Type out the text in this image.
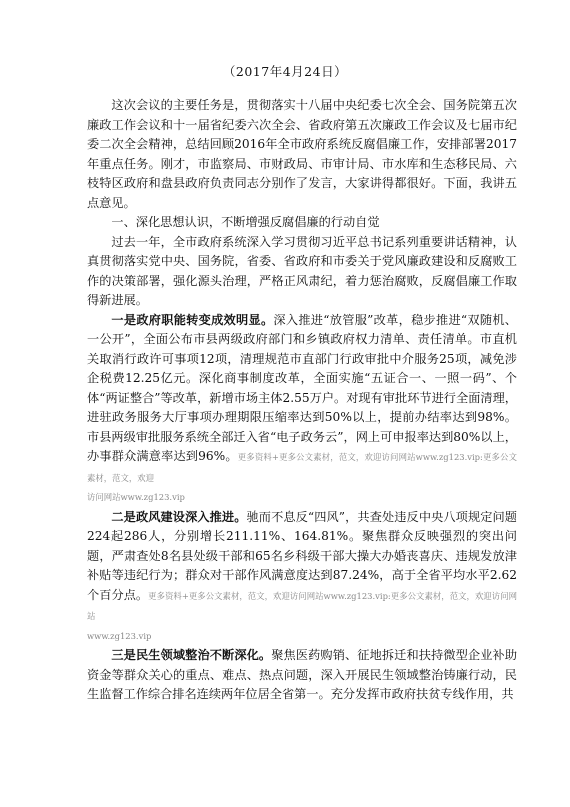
（2017年4月24日）

这次会议的主要任务是，贯彻落实十八届中央纪委七次全会、国务院第五次廉政工作会议和十一届省纪委六次全会、省政府第五次廉政工作会议及七届市纪委二次全会精神，总结回顾2016年全市政府系统反腐倡廉工作，安排部署2017年重点任务。刚才，市监察局、市财政局、市审计局、市水库和生态移民局、六枝特区政府和盘县政府负责同志分别作了发言，大家讲得都很好。下面，我讲五点意见。

一、深化思想认识，不断增强反腐倡廉的行动自觉

过去一年，全市政府系统深入学习贯彻习近平总书记系列重要讲话精神，认真贯彻落实党中央、国务院，省委、省政府和市委关于党风廉政建设和反腐败工作的决策部署，强化源头治理，严格正风肃纪，着力惩治腐败，反腐倡廉工作取得新进展。

一是政府职能转变成效明显。深入推进“放管服”改革，稳步推进“双随机、一公开”，全面公布市县两级政府部门和乡镇政府权力清单、责任清单。市直机关取消行政许可事项12项，清理规范市直部门行政审批中介服务25项，减免涉企税费12.25亿元。深化商事制度改革，全面实施“五证合一、一照一码”、个体“两证整合”等改革，新增市场主体2.55万户。对现有审批环节进行全面清理，进驻政务服务大厅事项办理期限压缩率达到50%以上，提前办结率达到98%。市县两级审批服务系统全部迁入省“电子政务云”，网上可申报率达到80%以上，办事群众满意率达到96%。更多资料+更多公文素材，范文，欢迎访问网站www.zg123.vip:更多公文素材，范文，欢迎

访问网站www.zg123.vip

二是政风建设深入推进。驰而不息反“四风”，共查处违反中央八项规定问题224起286人，分别增长211.11%、164.81%。聚焦群众反映强烈的突出问题，严肃查处8名县处级干部和65名乡科级干部大操大办婚丧喜庆、违规发放津补贴等违纪行为；群众对干部作风满意度达到87.24%，高于全省平均水平2.62个百分点。更多资料+更多公文素材，范文，欢迎访问网站www.zg123.vip:更多公文素材，范文，欢迎访问网站

www.zg123.vip

三是民生领域整治不断深化。聚焦医药购销、征地拆迁和扶持微型企业补助资金等群众关心的重点、难点、热点问题，深入开展民生领域整治铸廉行动，民生监督工作综合排名连续两年位居全省第一。充分发挥市政府扶贫专线作用，共
